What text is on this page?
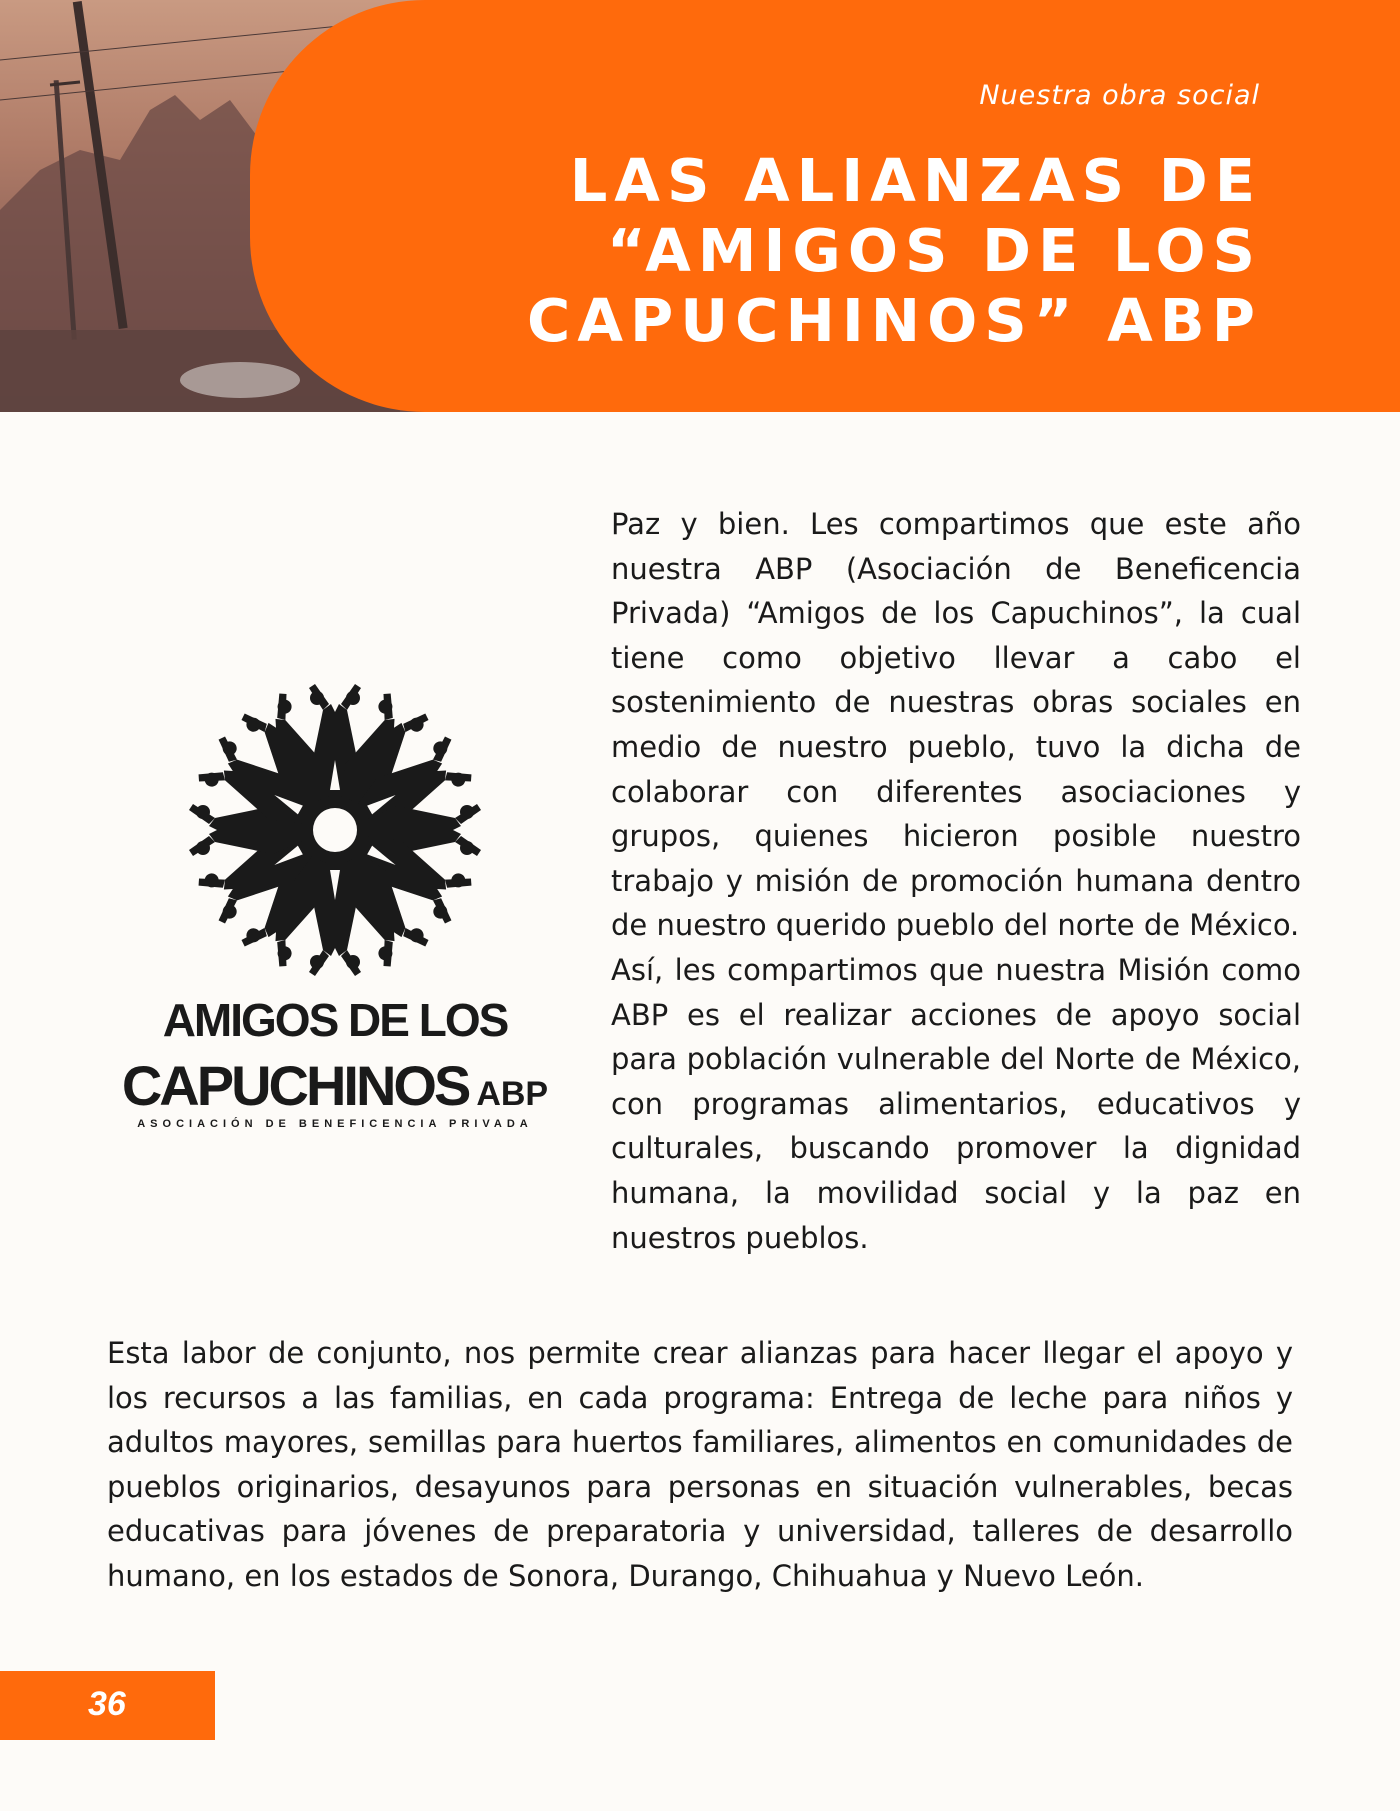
Nuestra obra social

LAS ALIANZAS DE “AMIGOS DE LOS CAPUCHINOS” ABP

AMIGOS DE LOS

CAPUCHINOS ABP

ASOCIACIÓN DE BENEFICENCIA PRIVADA

Paz y bien. Les compartimos que este año nuestra ABP (Asociación de Beneficencia Privada) “Amigos de los Capuchinos”, la cual tiene como objetivo llevar a cabo el sostenimiento de nuestras obras sociales en medio de nuestro pueblo, tuvo la dicha de colaborar con diferentes asociaciones y grupos, quienes hicieron posible nuestro trabajo y misión de promoción humana dentro de nuestro querido pueblo del norte de México.

Así, les compartimos que nuestra Misión como ABP es el realizar acciones de apoyo social para población vulnerable del Norte de México, con programas alimentarios, educativos y culturales, buscando promover la dignidad humana, la movilidad social y la paz en nuestros pueblos.

Esta labor de conjunto, nos permite crear alianzas para hacer llegar el apoyo y los recursos a las familias, en cada programa: Entrega de leche para niños y adultos mayores, semillas para huertos familiares, alimentos en comunidades de pueblos originarios, desayunos para personas en situación vulnerables, becas educativas para jóvenes de preparatoria y universidad, talleres de desarrollo humano, en los estados de Sonora, Durango, Chihuahua y Nuevo León.

36
